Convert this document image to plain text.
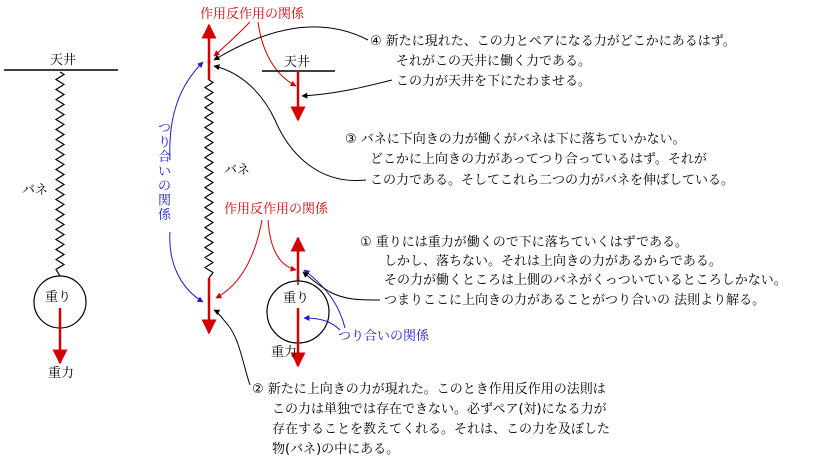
天井
バネ
重り
重力
作用反作用の関係
バネ
つ
り
合
い
の
関
係	作用反作用の関係
天井
重り
重力
つり合いの関係
④ 新たに現れた、この力とペアになる力がどこかにあるはず。
それがこの天井に働く力である。
この力が天井を下にたわませる。
③ バネに下向きの力が働くがバネは下に落ちていかない。
どこかに上向きの力があってつり合っているはず。それが
この力である。そしてこれら二つの力がバネを伸ばしている。
① 重りには重力が働くので下に落ちていくはずである。
しかし、落ちない。それは上向きの力があるからである。
その力が働くところは上側のバネがくっついているところしかない。
つまりここに上向きの力があることがつり合いの 法則より解る。
② 新たに上向きの力が現れた。このとき作用反作用の法則は
この力は単独では存在できない。必ずペア(対)になる力が
存在することを教えてくれる。それは、この力を及ぼした
物(バネ)の中にある。
